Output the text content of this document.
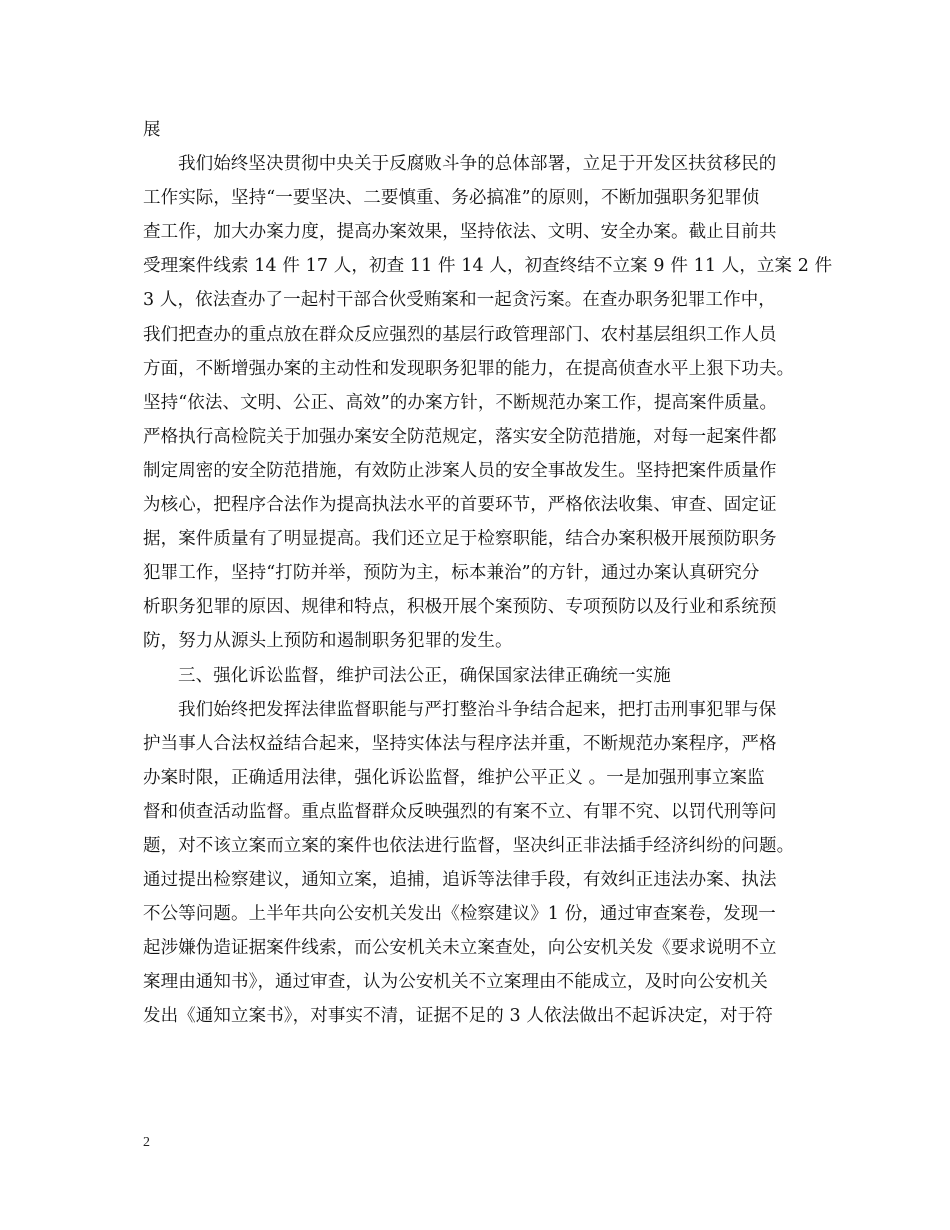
展
我们始终坚决贯彻中央关于反腐败斗争的总体部署，立足于开发区扶贫移民的
工作实际，坚持“一要坚决、二要慎重、务必搞准”的原则，不断加强职务犯罪侦
查工作，加大办案力度，提高办案效果，坚持依法、文明、安全办案。截止目前共
受理案件线索 14 件 17 人，初查 11 件 14 人，初查终结不立案 9 件 11 人，立案 2 件
3 人，依法查办了一起村干部合伙受贿案和一起贪污案。在查办职务犯罪工作中，
我们把查办的重点放在群众反应强烈的基层行政管理部门、农村基层组织工作人员
方面，不断增强办案的主动性和发现职务犯罪的能力，在提高侦查水平上狠下功夫。
坚持“依法、文明、公正、高效”的办案方针，不断规范办案工作，提高案件质量。
严格执行高检院关于加强办案安全防范规定，落实安全防范措施，对每一起案件都
制定周密的安全防范措施，有效防止涉案人员的安全事故发生。坚持把案件质量作
为核心，把程序合法作为提高执法水平的首要环节，严格依法收集、审查、固定证
据，案件质量有了明显提高。我们还立足于检察职能，结合办案积极开展预防职务
犯罪工作，坚持“打防并举，预防为主，标本兼治”的方针，通过办案认真研究分
析职务犯罪的原因、规律和特点，积极开展个案预防、专项预防以及行业和系统预
防，努力从源头上预防和遏制职务犯罪的发生。
三、强化诉讼监督，维护司法公正，确保国家法律正确统一实施
我们始终把发挥法律监督职能与严打整治斗争结合起来，把打击刑事犯罪与保
护当事人合法权益结合起来，坚持实体法与程序法并重，不断规范办案程序，严格
办案时限，正确适用法律，强化诉讼监督，维护公平正义 。一是加强刑事立案监
督和侦查活动监督。重点监督群众反映强烈的有案不立、有罪不究、以罚代刑等问
题，对不该立案而立案的案件也依法进行监督，坚决纠正非法插手经济纠纷的问题。
通过提出检察建议，通知立案，追捕，追诉等法律手段，有效纠正违法办案、执法
不公等问题。上半年共向公安机关发出《检察建议》1 份，通过审查案卷，发现一
起涉嫌伪造证据案件线索，而公安机关未立案查处，向公安机关发《要求说明不立
案理由通知书》，通过审查，认为公安机关不立案理由不能成立，及时向公安机关
发出《通知立案书》，对事实不清，证据不足的 3 人依法做出不起诉决定，对于符
2
